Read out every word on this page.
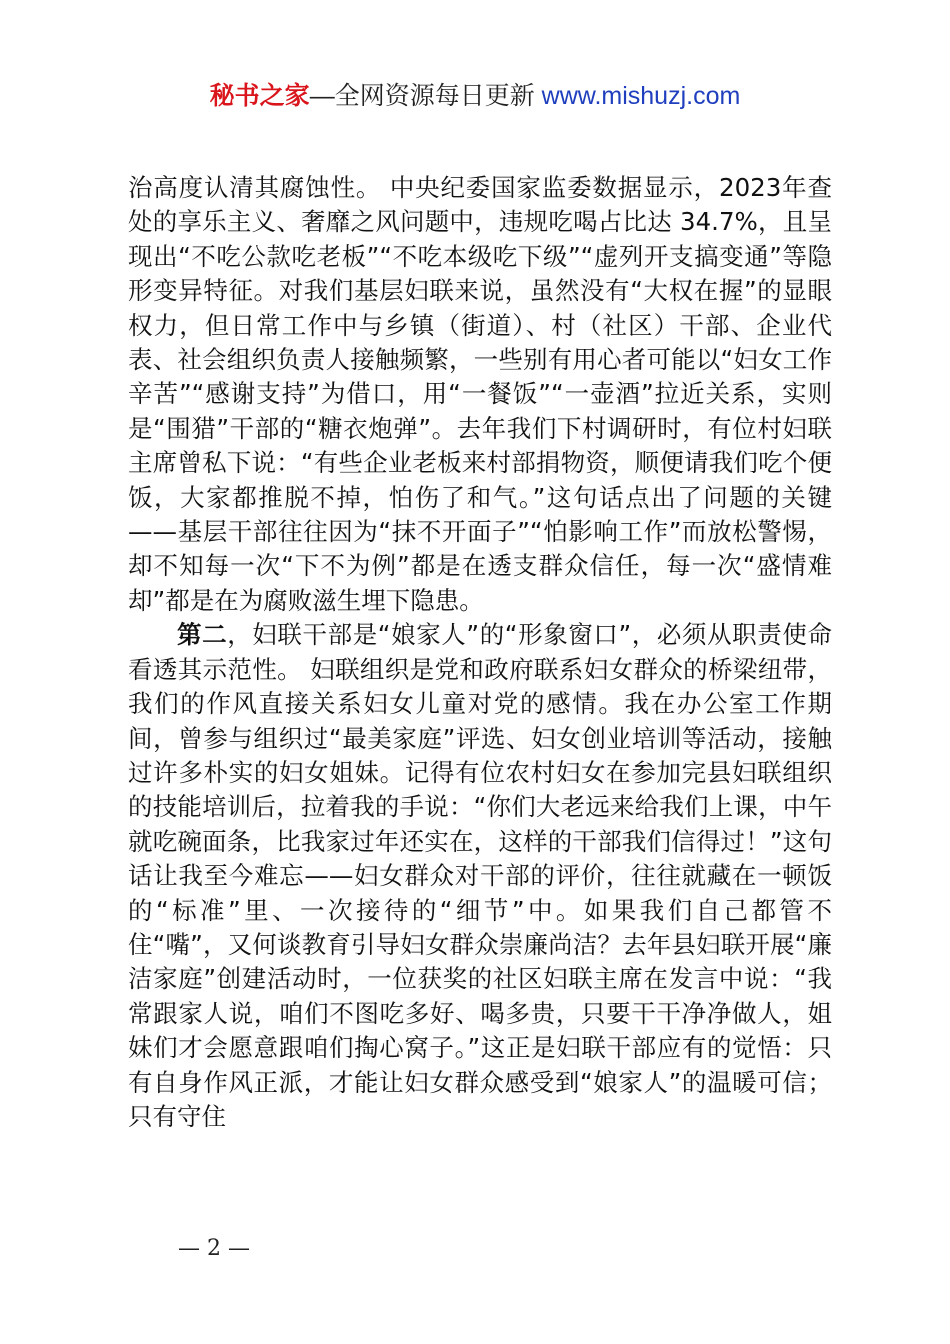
秘书之家—全网资源每日更新 www.mishuzj.com

治高度认清其腐蚀性。 中央纪委国家监委数据显示，2023年查处的享乐主义、奢靡之风问题中，违规吃喝占比达 34.7%，且呈现出“不吃公款吃老板”“不吃本级吃下级”“虚列开支搞变通”等隐形变异特征。对我们基层妇联来说，虽然没有“大权在握”的显眼权力，但日常工作中与乡镇（街道）、村（社区）干部、企业代表、社会组织负责人接触频繁，一些别有用心者可能以“妇女工作辛苦”“感谢支持”为借口，用“一餐饭”“一壶酒”拉近关系，实则是“围猎”干部的“糖衣炮弹”。去年我们下村调研时，有位村妇联主席曾私下说：“有些企业老板来村部捐物资，顺便请我们吃个便饭，大家都推脱不掉，怕伤了和气。”这句话点出了问题的关键——基层干部往往因为“抹不开面子”“怕影响工作”而放松警惕，却不知每一次“下不为例”都是在透支群众信任，每一次“盛情难却”都是在为腐败滋生埋下隐患。

第二，妇联干部是“娘家人”的“形象窗口”，必须从职责使命看透其示范性。 妇联组织是党和政府联系妇女群众的桥梁纽带，我们的作风直接关系妇女儿童对党的感情。我在办公室工作期间，曾参与组织过“最美家庭”评选、妇女创业培训等活动，接触过许多朴实的妇女姐妹。记得有位农村妇女在参加完县妇联组织的技能培训后，拉着我的手说：“你们大老远来给我们上课，中午就吃碗面条，比我家过年还实在，这样的干部我们信得过！”这句话让我至今难忘——妇女群众对干部的评价，往往就藏在一顿饭的“标准”里、一次接待的“细节”中。如果我们自己都管不住“嘴”，又何谈教育引导妇女群众崇廉尚洁？去年县妇联开展“廉洁家庭”创建活动时，一位获奖的社区妇联主席在发言中说：“我常跟家人说，咱们不图吃多好、喝多贵，只要干干净净做人，姐妹们才会愿意跟咱们掏心窝子。”这正是妇联干部应有的觉悟：只有自身作风正派，才能让妇女群众感受到“娘家人”的温暖可信；只有守住

— 2 —
